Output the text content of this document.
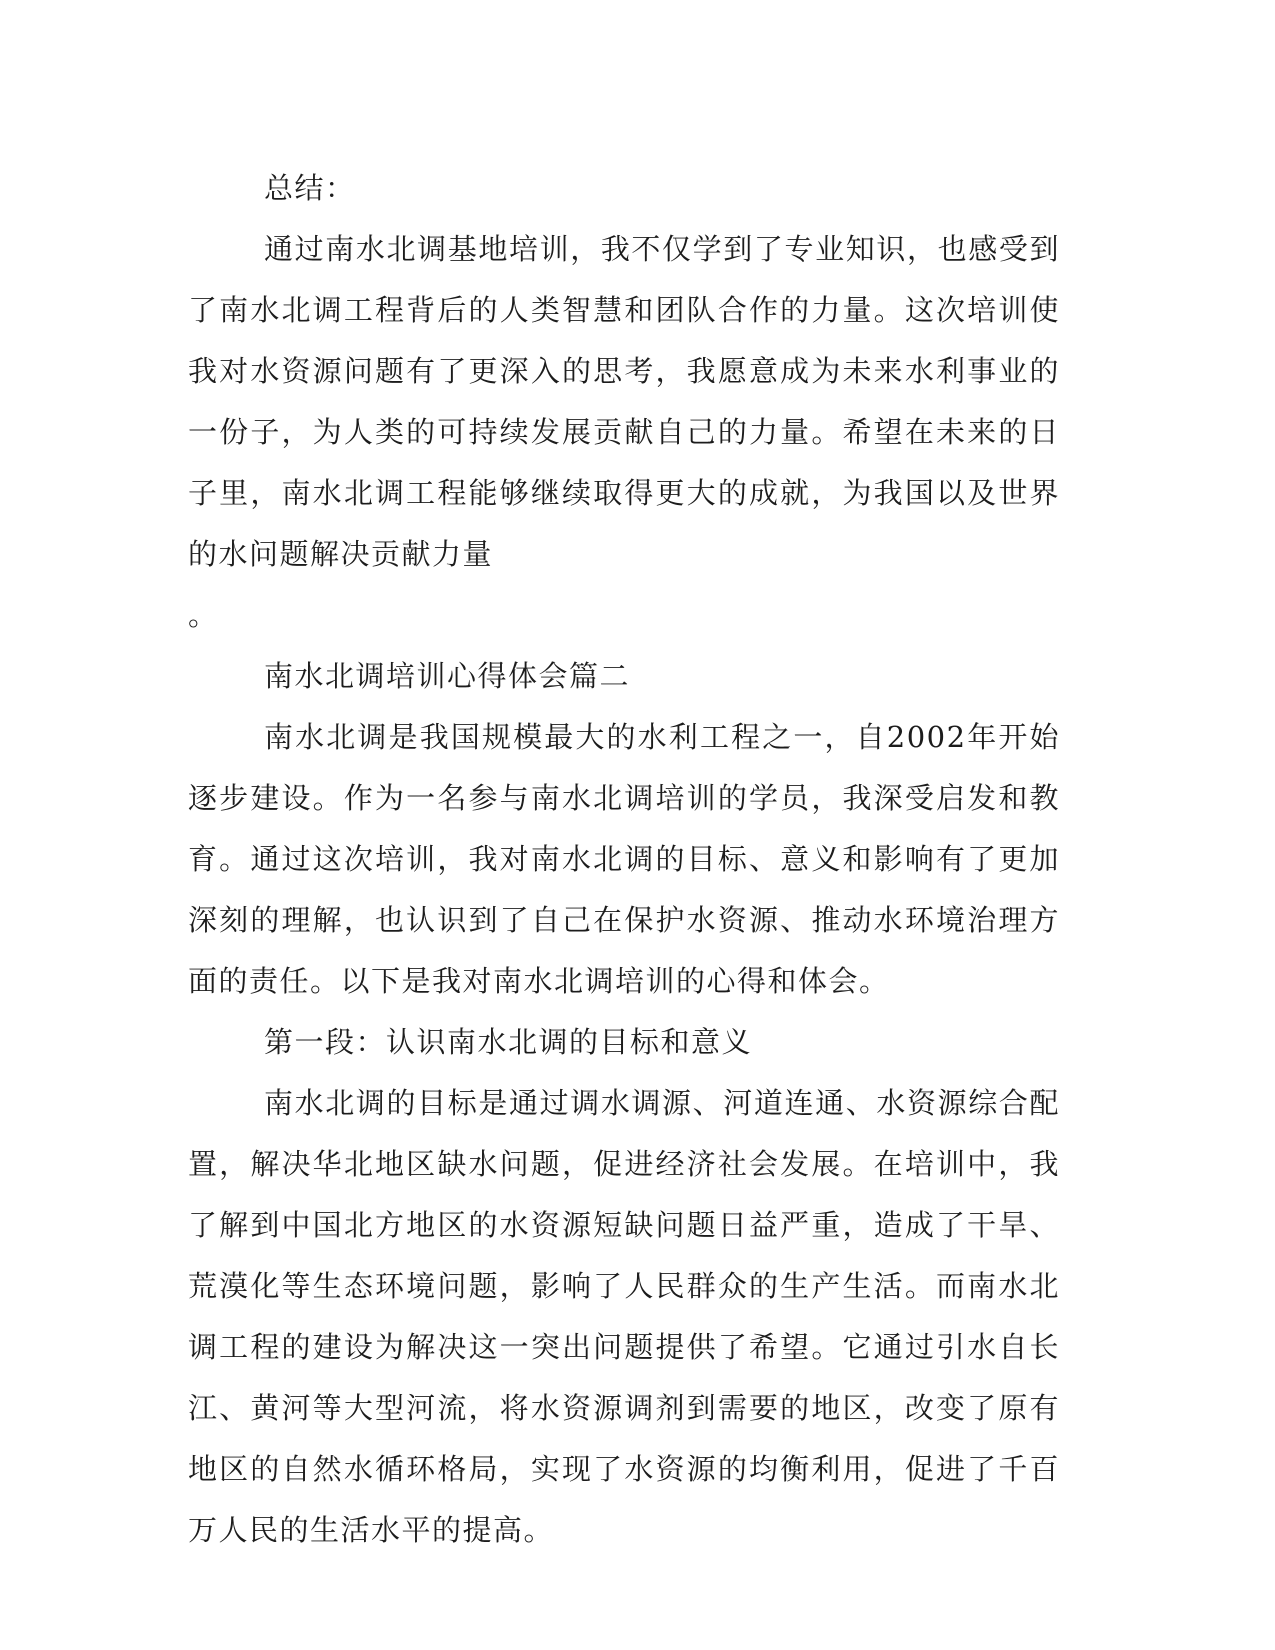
总结：

通过南水北调基地培训，我不仅学到了专业知识，也感受到了南水北调工程背后的人类智慧和团队合作的力量。这次培训使我对水资源问题有了更深入的思考，我愿意成为未来水利事业的一份子，为人类的可持续发展贡献自己的力量。希望在未来的日子里，南水北调工程能够继续取得更大的成就，为我国以及世界的水问题解决贡献力量

。

南水北调培训心得体会篇二

南水北调是我国规模最大的水利工程之一，自2002年开始逐步建设。作为一名参与南水北调培训的学员，我深受启发和教育。通过这次培训，我对南水北调的目标、意义和影响有了更加深刻的理解，也认识到了自己在保护水资源、推动水环境治理方面的责任。以下是我对南水北调培训的心得和体会。

第一段：认识南水北调的目标和意义

南水北调的目标是通过调水调源、河道连通、水资源综合配置，解决华北地区缺水问题，促进经济社会发展。在培训中，我了解到中国北方地区的水资源短缺问题日益严重，造成了干旱、荒漠化等生态环境问题，影响了人民群众的生产生活。而南水北调工程的建设为解决这一突出问题提供了希望。它通过引水自长江、黄河等大型河流，将水资源调剂到需要的地区，改变了原有地区的自然水循环格局，实现了水资源的均衡利用，促进了千百万人民的生活水平的提高。
